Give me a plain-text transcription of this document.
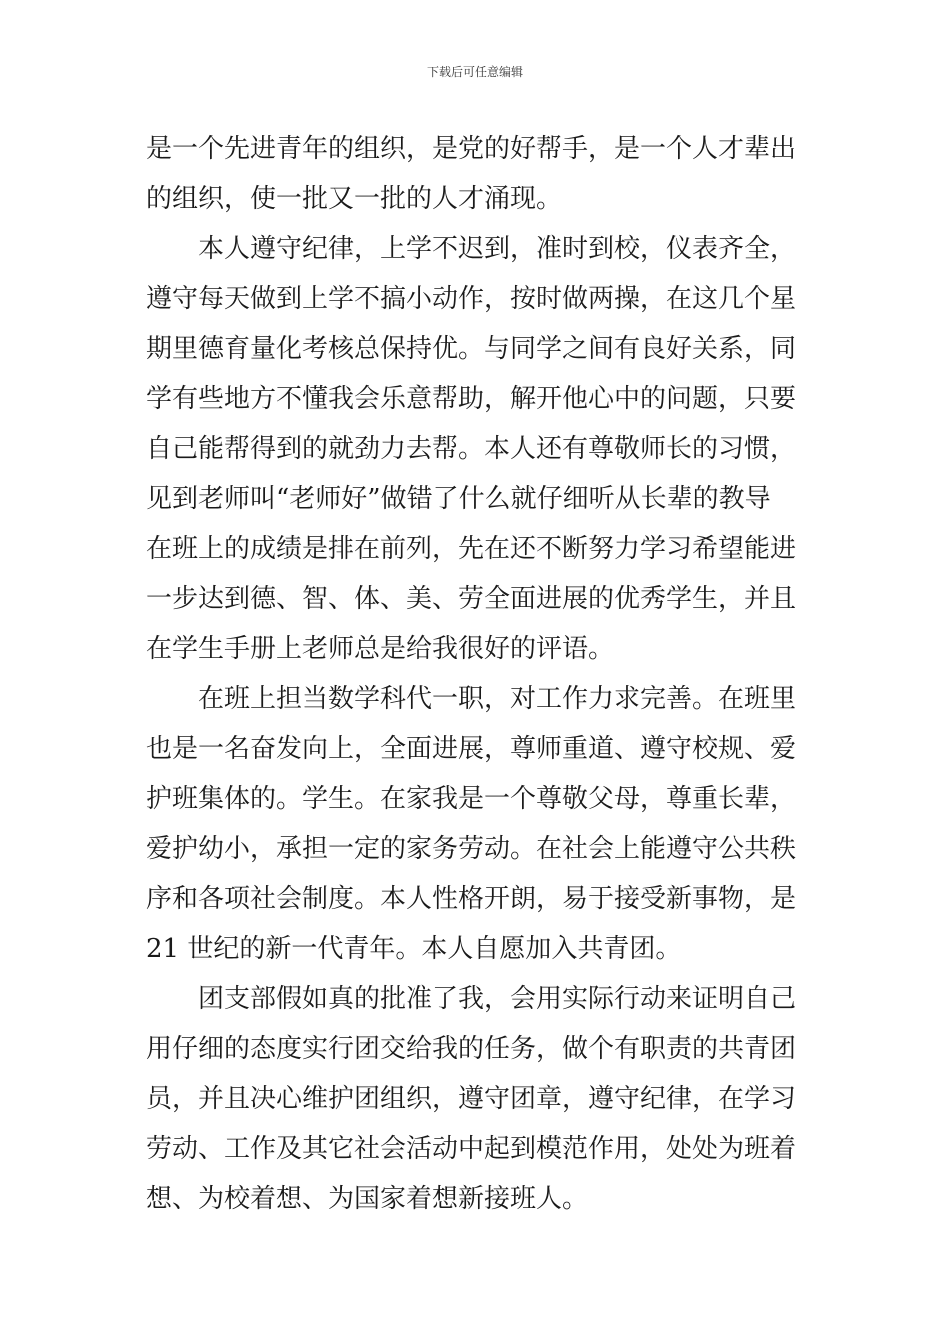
下载后可任意编辑
是一个先进青年的组织，是党的好帮手，是一个人才辈出
的组织，使一批又一批的人才涌现。
本人遵守纪律，上学不迟到，准时到校，仪表齐全，
遵守每天做到上学不搞小动作，按时做两操，在这几个星
期里德育量化考核总保持优。与同学之间有良好关系，同
学有些地方不懂我会乐意帮助，解开他心中的问题，只要
自己能帮得到的就劲力去帮。本人还有尊敬师长的习惯，
见到老师叫“老师好”做错了什么就仔细听从长辈的教导
在班上的成绩是排在前列，先在还不断努力学习希望能进
一步达到德、智、体、美、劳全面进展的优秀学生，并且
在学生手册上老师总是给我很好的评语。
在班上担当数学科代一职，对工作力求完善。在班里
也是一名奋发向上，全面进展，尊师重道、遵守校规、爱
护班集体的。学生。在家我是一个尊敬父母，尊重长辈，
爱护幼小，承担一定的家务劳动。在社会上能遵守公共秩
序和各项社会制度。本人性格开朗，易于接受新事物，是
21 世纪的新一代青年。本人自愿加入共青团。
团支部假如真的批准了我，会用实际行动来证明自己
用仔细的态度实行团交给我的任务，做个有职责的共青团
员，并且决心维护团组织，遵守团章，遵守纪律，在学习
劳动、工作及其它社会活动中起到模范作用，处处为班着
想、为校着想、为国家着想新接班人。
